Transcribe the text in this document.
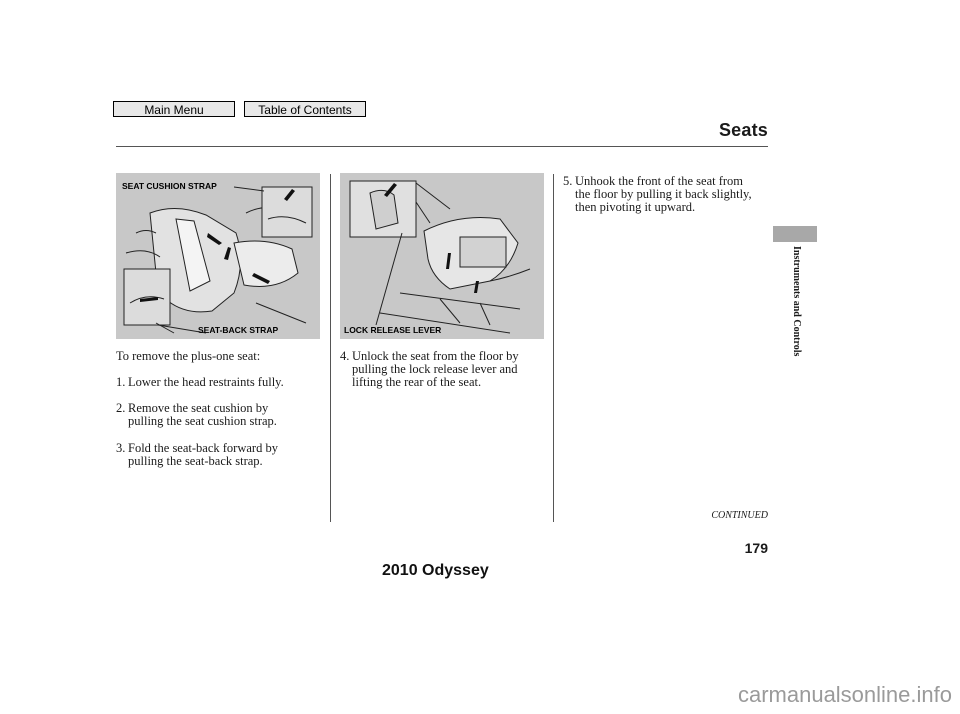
Main Menu	Table of Contents
Seats
Instruments and Controls
SEAT CUSHION STRAP
SEAT-BACK STRAP	LOCK RELEASE LEVER
To remove the plus-one seat:
1. Lower the head restraints fully.
2. Remove the seat cushion by
pulling the seat cushion strap.
3. Fold the seat-back forward by
pulling the seat-back strap.
4. Unlock the seat from the floor by
pulling the lock release lever and
lifting the rear of the seat.
5. Unhook the front of the seat from
the floor by pulling it back slightly,
then pivoting it upward.
CONTINUED
179
2010 Odyssey
carmanualsonline.info
